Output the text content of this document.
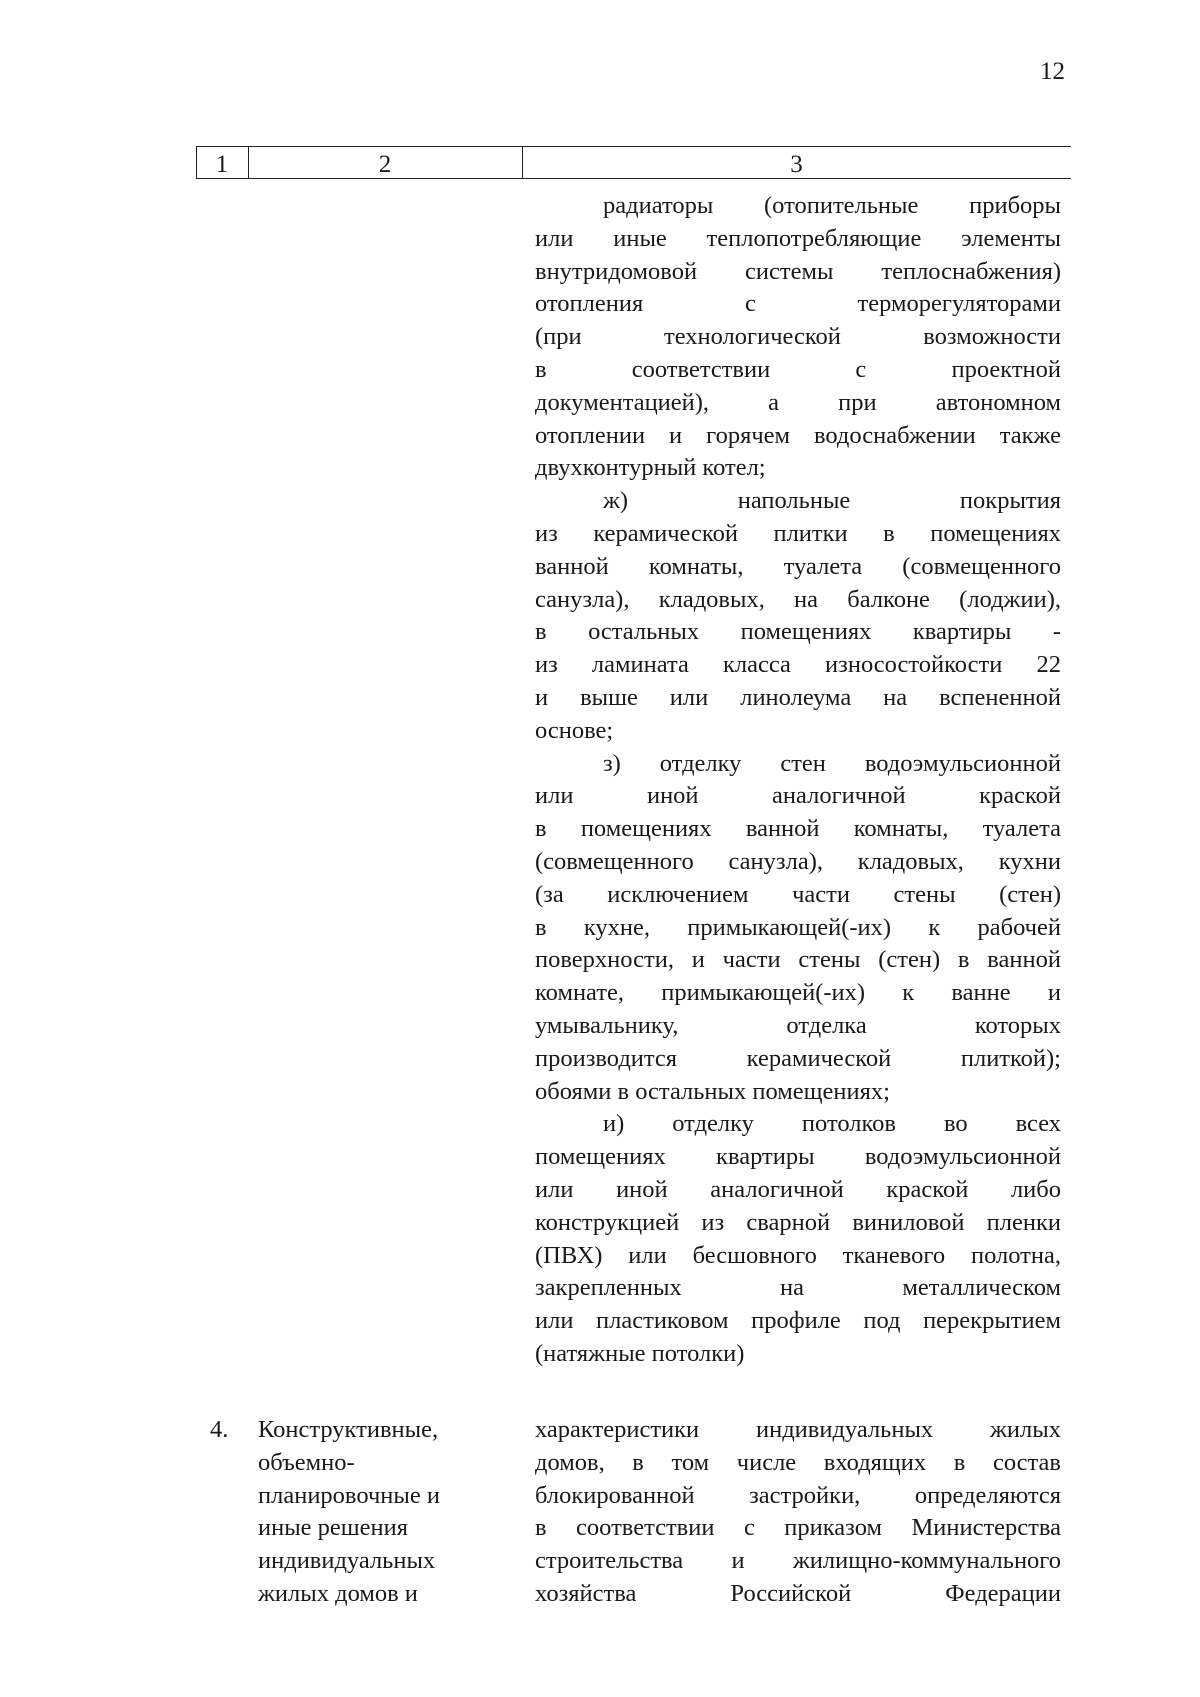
12
1	2	3
радиаторы (отопительные приборы
или иные теплопотребляющие элементы
внутридомовой системы теплоснабжения)
отопления с терморегуляторами
(при технологической возможности
в соответствии с проектной
документацией), а при автономном
отоплении и горячем водоснабжении также
двухконтурный котел;
ж) напольные покрытия
из керамической плитки в помещениях
ванной комнаты, туалета (совмещенного
санузла), кладовых, на балконе (лоджии),
в остальных помещениях квартиры -
из ламината класса износостойкости 22
и выше или линолеума на вспененной
основе;
з) отделку стен водоэмульсионной
или иной аналогичной краской
в помещениях ванной комнаты, туалета
(совмещенного санузла), кладовых, кухни
(за исключением части стены (стен)
в кухне, примыкающей(-их) к рабочей
поверхности, и части стены (стен) в ванной
комнате, примыкающей(-их) к ванне и
умывальнику, отделка которых
производится керамической плиткой);
обоями в остальных помещениях;
и) отделку потолков во всех
помещениях квартиры водоэмульсионной
или иной аналогичной краской либо
конструкцией из сварной виниловой пленки
(ПВХ) или бесшовного тканевого полотна,
закрепленных на металлическом
или пластиковом профиле под перекрытием
(натяжные потолки)
4. Конструктивные,
объемно-
планировочные и
иные решения
индивидуальных
жилых домов и
характеристики индивидуальных жилых
домов, в том числе входящих в состав
блокированной застройки, определяются
в соответствии с приказом Министерства
строительства и жилищно-коммунального
хозяйства Российской Федерации
